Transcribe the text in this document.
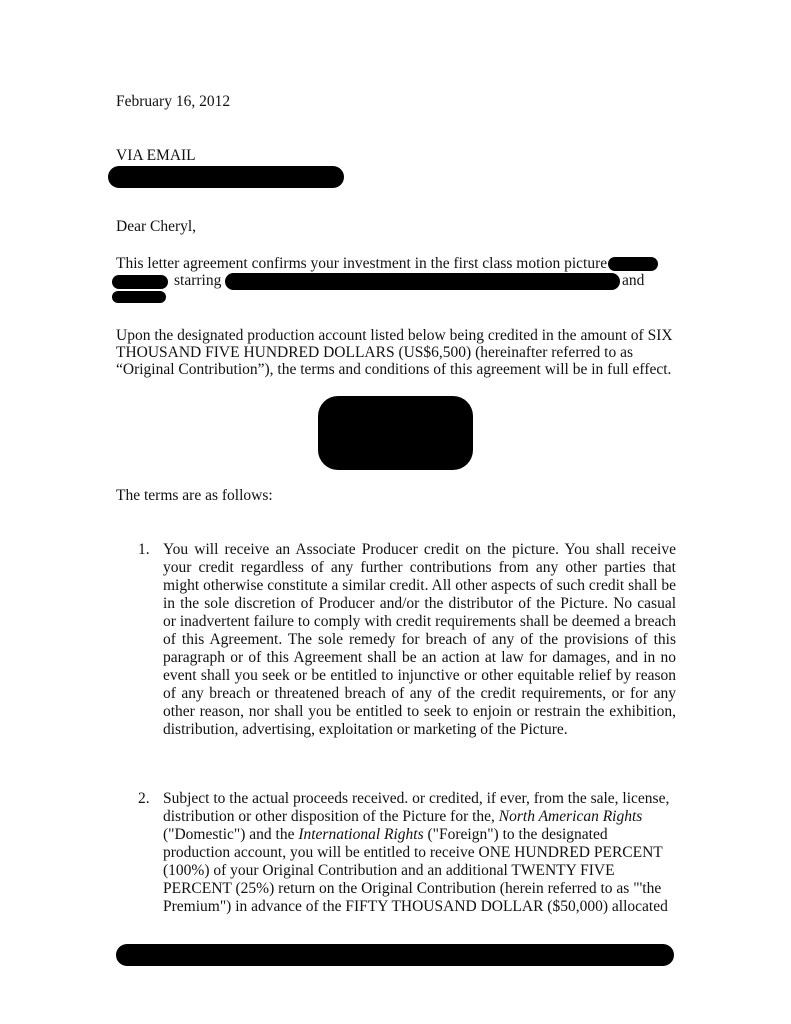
February 16, 2012
VIA EMAIL
Dear Cheryl,
This letter agreement confirms your investment in the first class motion picture
starring	and
Upon the designated production account listed below being credited in the amount of SIX
THOUSAND FIVE HUNDRED DOLLARS (US$6,500) (hereinafter referred to as
“Original Contribution”), the terms and conditions of this agreement will be in full effect.
The terms are as follows:
1. You will receive an Associate Producer credit on the picture. You shall receive your credit regardless of any further contributions from any other parties that might otherwise constitute a similar credit. All other aspects of such credit shall be in the sole discretion of Producer and/or the distributor of the Picture. No casual or inadvertent failure to comply with credit requirements shall be deemed a breach of this Agreement. The sole remedy for breach of any of the provisions of this paragraph or of this Agreement shall be an action at law for damages, and in no event shall you seek or be entitled to injunctive or other equitable relief by reason of any breach or threatened breach of any of the credit requirements, or for any other reason, nor shall you be entitled to seek to enjoin or restrain the exhibition, distribution, advertising, exploitation or marketing of the Picture.
2. Subject to the actual proceeds received. or credited, if ever, from the sale, license, distribution or other disposition of the Picture for the, North American Rights ("Domestic") and the International Rights ("Foreign") to the designated production account, you will be entitled to receive ONE HUNDRED PERCENT (100%) of your Original Contribution and an additional TWENTY FIVE PERCENT (25%) return on the Original Contribution (herein referred to as "'the Premium") in advance of the FIFTY THOUSAND DOLLAR ($50,000) allocated
